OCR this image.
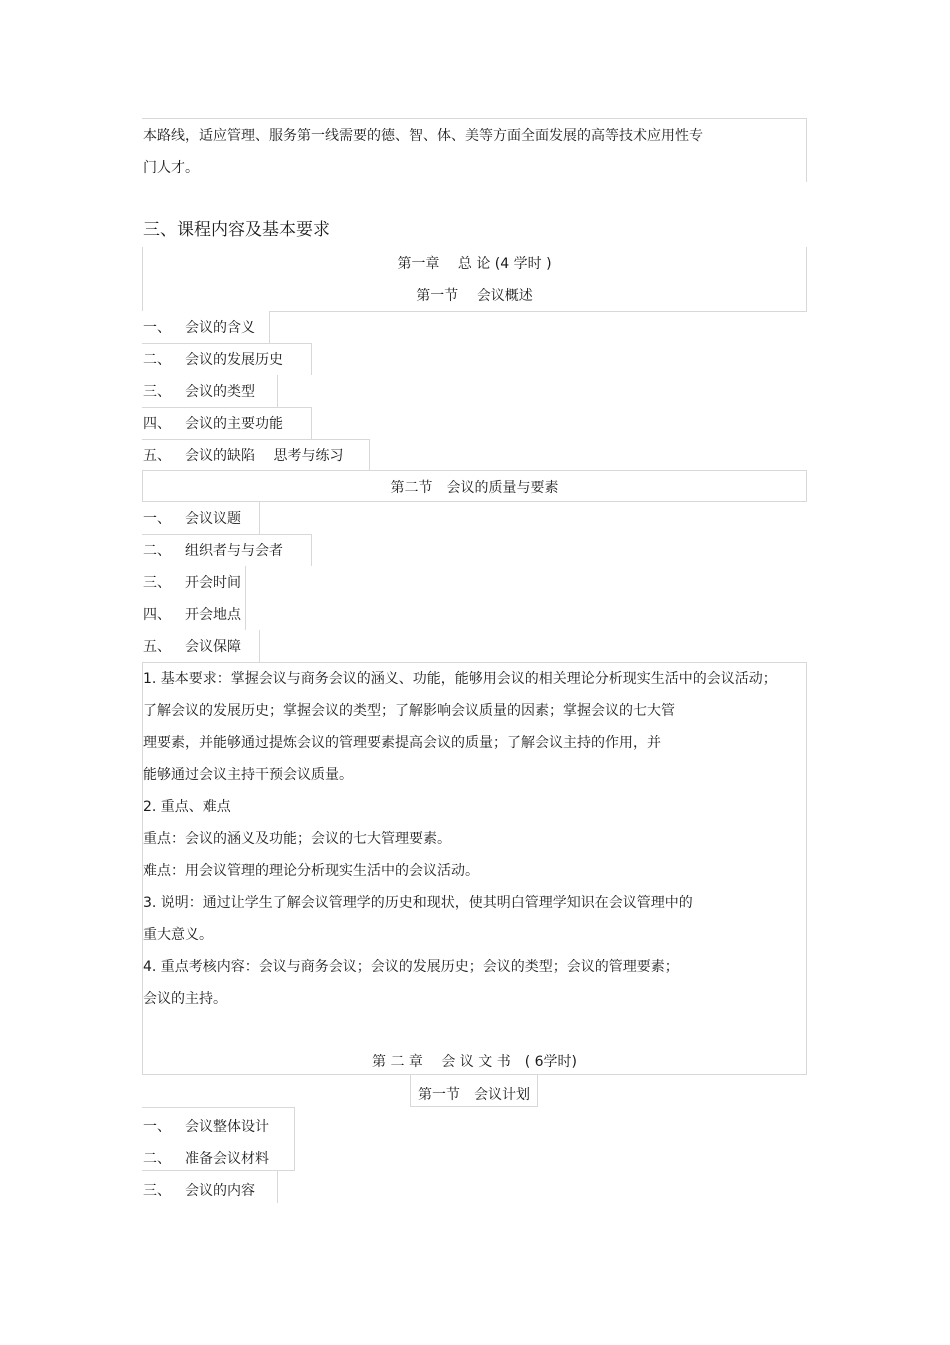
本路线，适应管理、服务第一线需要的德、智、体、美等方面全面发展的高等技术应用性专
门人才。
三、课程内容及基本要求
第一章　 总 论 (4 学时 )
第一节　 会议概述
一、 会议的含义
二、 会议的发展历史
三、 会议的类型
四、 会议的主要功能
五、 会议的缺陷　 思考与练习
第二节　会议的质量与要素
一、 会议议题
二、 组织者与与会者
三、 开会时间
四、 开会地点
五、 会议保障
1. 基本要求：掌握会议与商务会议的涵义、功能，能够用会议的相关理论分析现实生活中的会议活动；
了解会议的发展历史；掌握会议的类型；了解影响会议质量的因素；掌握会议的七大管
理要素，并能够通过提炼会议的管理要素提高会议的质量；了解会议主持的作用，并
能够通过会议主持干预会议质量。
2. 重点、难点
重点：会议的涵义及功能；会议的七大管理要素。
难点：用会议管理的理论分析现实生活中的会议活动。
3. 说明：通过让学生了解会议管理学的历史和现状，使其明白管理学知识在会议管理中的
重大意义。
4. 重点考核内容：会议与商务会议；会议的发展历史；会议的类型；会议的管理要素；
会议的主持。
第 二 章　 会 议 文 书　( 6学时)
第一节　会议计划
一、 会议整体设计
二、 准备会议材料
三、 会议的内容
